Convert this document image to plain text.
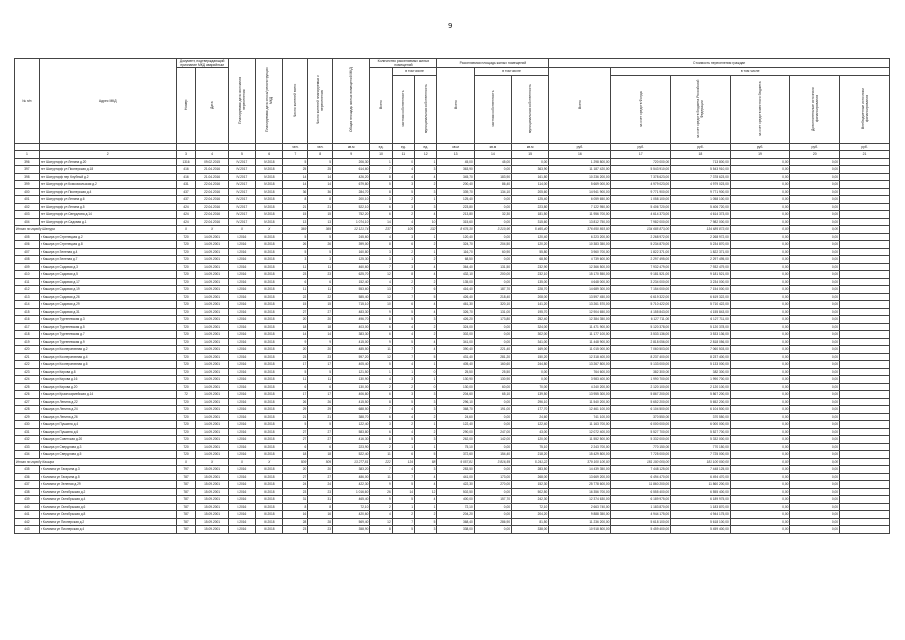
9
№ п/п	Адрес МКД	Документ, подтверждающий признание МКД аварийным		Планируемая дата окончания переселения	Планируемая дата сноса/ реконструкции МКД	Число жителей всего	Число жителей планируемых к переселению	Общая площадь жилых помещений МКД	Количество расселяемых жилых помещений			Расселяемая площадь жилых помещений			Стоимость переселения граждан					
		Номер	Дата						Всего	в том числе		Всего	в том числе		Всего	в том числе				
										частная собственность	муниципальная собственность		частная собственность	муниципальная собственность		за счет средств Фонда	за счет средств бюджета Российской Федерации	за счет средств местного бюджета	Дополнительные источники финансирования	Внебюджетные источники финансирования
						чел.	чел.	кв.м	ед.	ед.	ед.	кв.м	кв.м	кв.м	руб.	руб.	руб.	руб.	руб.	руб.
1	2	3	4	5	6	7	8	9	10	11	12	13	14	15	16	17	18	19	20	21
396	пгт Шатурторф ул Ленина д.20	1316	09.02.2015	IV.2017	IV.2018	5	5	206,30	1	0	1	45,00	45,00	0,00	1 298 800,00	720 000,00	713 800,00	0,00	0,00	
397	пгт Шатурторф ул Пионерская д.18	416	21.04.2016	IV.2017	IV.2018	25	25	614,60	7	4	3	363,90	0,00	363,90	11 187 420,00	5 543 910,00	5 543 910,00	0,00	0,00	
398	пгт Шатурторф пер Клубный д.2	416	21.04.2016	IV.2017	IV.2018	14	14	426,20	8	4	4	345,70	183,90	161,80	10 236 200,00	7 378 623,00	7 378 623,00	0,00	0,00	
399	пгт Шатурторф ул Комсомольская д.2	431	22.04.2016	IV.2017	IV.2018	14	14	679,80	5	3	2	200,40	86,40	114,00	5 669 000,00	4 979 023,00	4 979 023,00	0,00	0,00	
400	пгт Шатурторф ул Пионерская д.4	437	22.04.2016	IV.2017	IV.2018	36	36	284,70	8	5	3	339,70	134,10	205,60	14 941 900,00	9 771 900,00	9 771 900,00	0,00	0,00	
401	пгт Шатурторф ул Ленина д.6	437	22.04.2016	IV.2017	IV.2018	8	8	200,10	3	2	1	125,40	0,00	125,40	6 059 650,00	1 058 100,00	1 058 100,00	0,00	0,00	
402	пгт Шатурторф ул Ленина д.5	424	22.04.2016	IV.2017	IV.2018	21	21	522,10	6	3	3	223,80	0,00	223,80	7 122 950,00	5 406 720,00	5 406 720,00	0,00	0,00	
403	пгт Шатурторф ул Свердлова д.14	424	22.04.2016	IV.2017	IV.2018	15	15	752,20	6	2	4	213,80	32,30	181,50	11 956 700,00	4 614 373,00	4 614 373,00	0,00	0,00	
404	пгт Шатурторф ул Садовая д.1	424	22.04.2016	IV.2017	IV.2018	13	13	1 074,10	14	4	10	315,60	0,00	315,60	13 812 750,00	7 982 000,00	7 982 000,00	0,00	0,00	
Итого по городу Шатура		X	X	X	X	369	369	12 121,74	237	105	132	8 676,30	3 210,90	5 465,40	376 650 893,00	134 685 873,00	134 685 873,00	0,00	0,00	
405	г Кашира ул Стрелецкая д.2	720	14.09.2001	I.2016	III.2018	5	5	245,60	4	3	1	120,40	0,00	120,40	6 223 200,00	2 268 972,00	2 268 972,00	0,00	0,00	
406	г Кашира ул Стрелецкая д.8	720	14.09.2001	I.2016	III.2018	26	26	399,00	8	6	2	324,70	204,50	120,20	10 383 350,00	5 234 870,00	5 234 870,00	0,00	0,00	
407	г Кашира ул Зеленая д.4	720	14.09.2001	I.2016	III.2018	5	5	160,80	3	2	1	116,70	60,90	55,80	3 960 700,00	1 822 371,00	1 822 371,00	0,00	0,00	
408	г Кашира ул Зеленая д.7	720	14.09.2001	I.2016	III.2018	3	3	125,30	3	1	2	68,50	0,00	68,50	4 739 600,00	2 297 495,00	2 297 495,00	0,00	0,00	
409	г Кашира ул Садовая д.3	720	14.09.2001	I.2016	III.2018	11	11	460,60	7	3	4	364,40	131,50	232,90	12 366 500,00	7 932 479,00	7 932 479,00	0,00	0,00	
410	г Кашира ул Садовая д.5	720	14.09.2001	I.2016	III.2018	23	23	625,70	12	8	4	432,10	200,00	232,10	15 170 550,00	9 181 521,00	9 181 521,00	0,00	0,00	
411	г Кашира ул Садовая д.17	720	14.09.2001	I.2016	III.2018	6	6	152,40	4	2	2	135,00	0,00	135,00	4 648 000,00	3 234 000,00	3 234 000,00	0,00	0,00	
412	г Кашира ул Садовая д.19	720	14.09.2001	I.2016	III.2018	11	11	553,60	13	7	6	416,40	187,70	228,70	14 689 300,00	7 154 000,00	7 154 000,00	0,00	0,00	
413	г Кашира ул Садовая д.26	720	14.09.2001	I.2016	III.2018	22	22	585,40	12	7	5	426,40	218,40	208,00	13 597 450,00	6 619 322,00	6 619 322,00	0,00	0,00	
414	г Кашира ул Садовая д.29	720	14.09.2001	I.2016	III.2018	15	15	715,10	10	6	4	461,30	320,10	141,20	13 261 570,00	5 710 422,00	5 710 422,00	0,00	0,00	
415	г Кашира ул Садовая д.31	720	14.09.2001	I.2016	III.2018	27	27	483,30	9	5	4	326,70	131,00	195,70	12 904 650,00	4 155 843,00	4 155 843,00	0,00	0,00	
416	г Кашира ул Тургеневская д.3	720	14.09.2001	I.2016	III.2018	20	20	496,70	8	5	3	426,20	173,80	252,40	12 384 350,00	6 127 711,00	6 127 711,00	0,00	0,00	
417	г Кашира ул Тургеневская д.5	720	14.09.2001	I.2016	III.2018	18	18	403,00	6	4	2	324,00	0,00	324,00	11 471 900,00	5 120 378,00	5 120 378,00	0,00	0,00	
418	г Кашира ул Тургеневская д.7	720	14.09.2001	I.2016	III.2018	14	14	383,30	6	4	2	302,00	0,00	302,00	11 177 100,00	3 533 136,00	3 533 136,00	0,00	0,00	
419	г Кашира ул Тургеневская д.9	720	14.09.2001	I.2016	III.2018	9	9	415,00	9	5	4	341,00	0,00	341,00	11 448 900,00	2 818 056,00	2 818 056,00	0,00	0,00	
420	г Кашира ул Кооперативная д.2	720	14.09.2001	I.2016	III.2018	20	20	485,50	11	7	4	390,40	221,40	169,00	11 015 000,00	7 060 503,00	7 060 503,00	0,00	0,00	
421	г Кашира ул Кооперативная д.4	720	14.09.2001	I.2016	III.2018	23	23	597,20	12	7	5	431,40	281,20	150,20	12 318 400,00	8 237 400,00	8 237 400,00	0,00	0,00	
422	г Кашира ул Кооперативная д.6	720	14.09.2001	I.2016	III.2018	17	17	405,40	5	4	1	405,40	160,60	244,80	13 267 800,00	5 133 000,00	5 133 000,00	0,00	0,00	
423	г Кашира ул Кирова д.8	720	14.09.2001	I.2016	III.2018	5	5	121,50	1	1	0	25,50	25,50	0,00	764 600,00	382 300,00	382 300,00	0,00	0,00	
424	г Кашира ул Кирова д.16	720	14.09.2001	I.2016	III.2018	11	11	130,90	4	3	1	130,90	130,90	0,00	3 983 400,00	1 990 700,00	1 990 700,00	0,00	0,00	
425	г Кашира ул Кирова д.20	720	14.09.2001	I.2016	III.2018	6	6	130,00	2	2	0	130,00	60,00	70,00	4 240 200,00	2 120 100,00	2 120 100,00	0,00	0,00	
426	г Кашира ул Красноармейская д.14	72	14.09.2001	I.2016	III.2018	17	17	406,80	6	3	3	204,60	65,10	139,50	13 955 300,00	5 867 200,00	5 867 200,00	0,00	0,00	
427	г Кашира ул Ленина д.22	720	14.09.2001	I.2016	III.2018	26	26	415,50	8	5	3	296,10	0,00	296,10	11 540 200,00	5 652 200,00	5 652 200,00	0,00	0,00	
428	г Кашира ул Ленина д.24	720	14.09.2001	I.2016	III.2018	29	29	688,50	7	4	3	368,70	191,00	177,70	12 461 100,00	6 104 500,00	6 104 500,00	0,00	0,00	
429	г Кашира ул Ленина д.26	720	14.09.2001	I.2016	III.2018	21	21	388,70	6	4	2	24,60	0,00	24,60	741 100,00	370 550,00	370 550,00	0,00	0,00	
430	г Кашира ул Пушкина д.4	720	14.09.2001	I.2016	III.2018	5	5	122,40	3	2	1	122,40	0,00	122,40	11 163 700,00	6 000 000,00	6 000 000,00	0,00	0,00	
431	г Кашира ул Пушкина д.6	720	14.09.2001	I.2016	III.2018	27	27	583,80	6	4	2	290,00	247,00	43,00	12 072 400,00	5 527 700,00	5 527 700,00	0,00	0,00	
432	г Кашира ул Советская д.20	720	14.09.2001	I.2016	III.2018	27	27	416,30	8	5	3	262,00	142,00	120,00	11 552 500,00	5 332 000,00	5 332 000,00	0,00	0,00	
433	г Кашира ул Свердлова д.3	720	14.09.2001	I.2016	III.2018	6	6	223,90	2	1	1	75,10	0,00	75,10	2 243 700,00	770 150,00	770 150,00	0,00	0,00	
434	г Кашира ул Свердлова д.5	720	14.09.2001	I.2016	III.2018	18	18	522,40	11	6	5	372,60	154,40	218,20	15 429 800,00	7 725 000,00	7 725 000,00	0,00	0,00	
Итого по городу Кашира		X	X	X	X	509	509	13 277,81	222	134	88	9 057,81	3 816,59	5 241,22	379 100 100,00	181 100 000,00	181 100 000,00	0,00	0,00	
435	г Коломна ул Гагарина д.3	797	15.09.2001	I.2016	III.2018	20	20	383,20	7	4	3	283,50	0,00	283,50	14 439 350,00	7 448 125,00	7 448 125,00	0,00	0,00	
436	г Коломна ул Гагарина д.5	787	15.09.2001	I.2016	III.2018	27	27	486,00	11	7	4	441,00	173,00	268,00	13 669 200,00	6 494 470,00	6 494 470,00	0,00	0,00	
437	г Коломна ул Зеленая д.29	787	15.09.2001	I.2016	III.2018	24	24	422,30	9	5	4	422,30	270,00	152,30	25 778 600,00	11 860 200,00	11 860 200,00	0,00	0,00	
438	г Коломна ул Октябрьская д.2	787	15.09.2001	I.2016	III.2018	23	23	1 016,60	26	14	12	502,50	0,00	502,50	16 356 700,00	6 555 400,00	6 555 400,00	0,00	0,00	
439	г Коломна ул Октябрьская д.4	787	15.09.2001	I.2016	III.2018	31	31	465,40	9	5	4	400,00	157,70	242,30	12 374 630,00	6 189 975,00	6 189 975,00	0,00	0,00	
440	г Коломна ул Октябрьская д.6	787	15.09.2001	I.2016	III.2018	8	8	72,10	2	1	1	72,10	0,00	72,10	2 663 740,00	1 183 870,00	1 183 870,00	0,00	0,00	
441	г Коломна ул Октябрьская д.8	787	15.09.2001	I.2016	III.2018	16	16	420,60	4	2	2	204,20	0,00	204,20	9 888 350,00	4 944 175,00	4 944 175,00	0,00	0,00	
442	г Коломна ул Пионерская д.2	787	15.09.2001	I.2016	III.2018	28	28	569,40	12	7	5	368,40	286,90	81,50	11 236 200,00	5 618 100,00	5 618 100,00	0,00	0,00	
443	г Коломна ул Пионерская д.4	787	15.09.2001	I.2016	III.2018	23	23	358,90	8	5	3	338,00	0,00	338,00	10 918 800,00	5 459 400,00	5 459 400,00	0,00	0,00	
